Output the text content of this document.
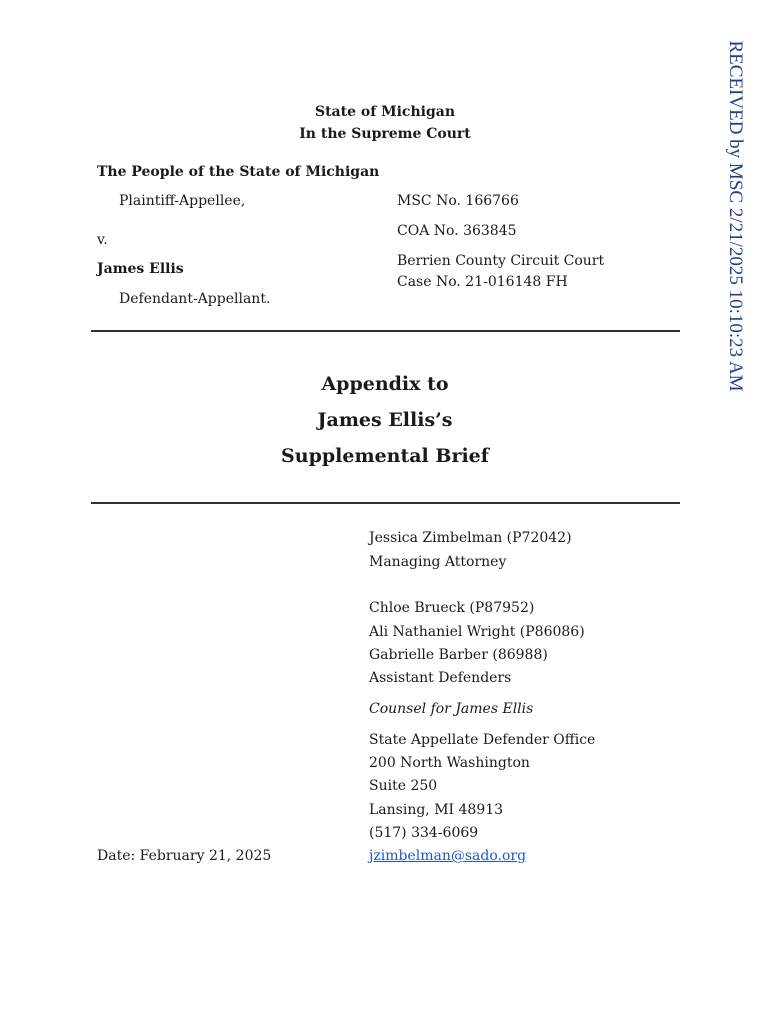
RECEIVED by MSC 2/21/2025 10:10:23 AM
State of Michigan
In the Supreme Court
The People of the State of Michigan
Plaintiff-Appellee,
v.
James Ellis
Defendant-Appellant.
MSC No. 166766
COA No. 363845
Berrien County Circuit Court
Case No. 21-016148 FH
Appendix to
James Ellis’s
Supplemental Brief
Jessica Zimbelman (P72042)
Managing Attorney
Chloe Brueck (P87952)
Ali Nathaniel Wright (P86086)
Gabrielle Barber (86988)
Assistant Defenders
Counsel for James Ellis
State Appellate Defender Office
200 North Washington
Suite 250
Lansing, MI 48913
(517) 334-6069
jzimbelman@sado.org
Date: February 21, 2025
